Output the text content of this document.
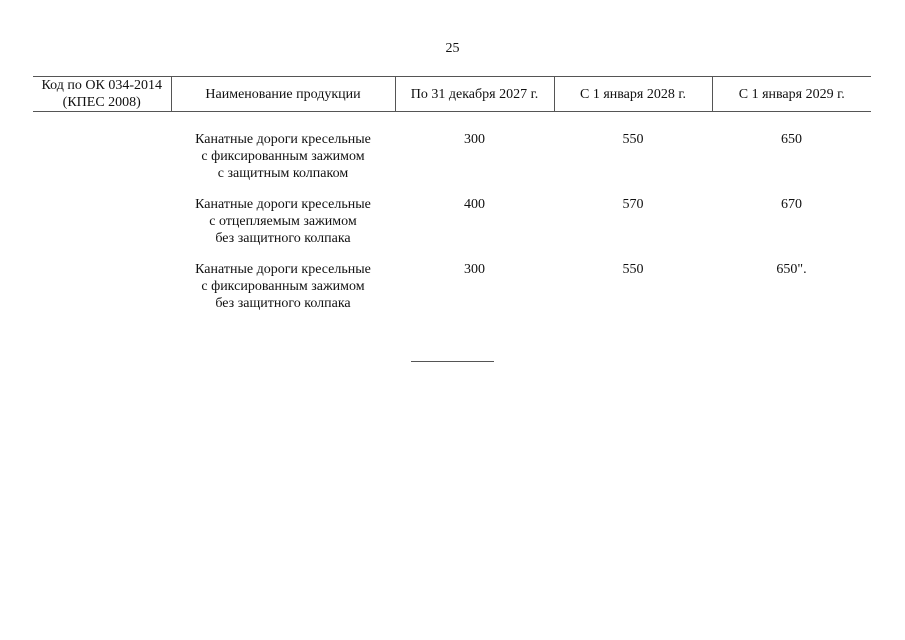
25
Код по ОК 034-2014 (КПЕС 2008)	Наименование продукции	По 31 декабря 2027 г.	С 1 января 2028 г.	С 1 января 2029 г.

	Канатные дороги кресельные
с фиксированным зажимом
с защитным колпаком	300	550	650

	Канатные дороги кресельные
с отцепляемым зажимом
без защитного колпака	400	570	670

	Канатные дороги кресельные
с фиксированным зажимом
без защитного колпака	300	550	650".
